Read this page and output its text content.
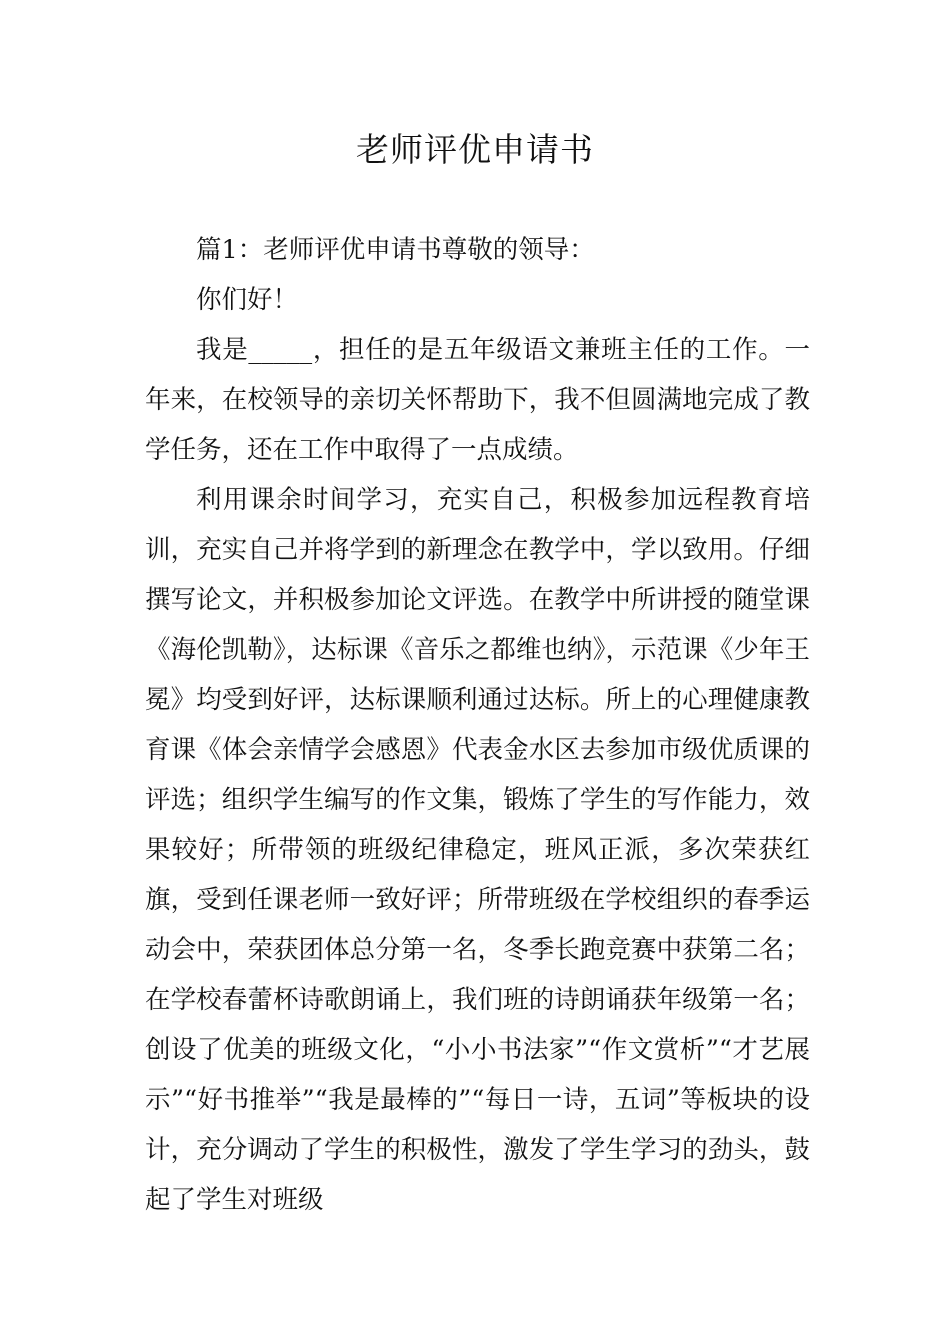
老师评优申请书

篇1：老师评优申请书尊敬的领导：

你们好！

我是_____，担任的是五年级语文兼班主任的工作。一年来，在校领导的亲切关怀帮助下，我不但圆满地完成了教学任务，还在工作中取得了一点成绩。

利用课余时间学习，充实自己，积极参加远程教育培训，充实自己并将学到的新理念在教学中，学以致用。仔细撰写论文，并积极参加论文评选。在教学中所讲授的随堂课《海伦凯勒》，达标课《音乐之都维也纳》，示范课《少年王冕》均受到好评，达标课顺利通过达标。所上的心理健康教育课《体会亲情学会感恩》代表金水区去参加市级优质课的评选；组织学生编写的作文集，锻炼了学生的写作能力，效果较好；所带领的班级纪律稳定，班风正派，多次荣获红旗，受到任课老师一致好评；所带班级在学校组织的春季运动会中，荣获团体总分第一名，冬季长跑竞赛中获第二名；在学校春蕾杯诗歌朗诵上，我们班的诗朗诵获年级第一名；创设了优美的班级文化，“小小书法家”“作文赏析”“才艺展示”“好书推举”“我是最棒的”“每日一诗，五词”等板块的设计，充分调动了学生的积极性，激发了学生学习的劲头，鼓起了学生对班级
